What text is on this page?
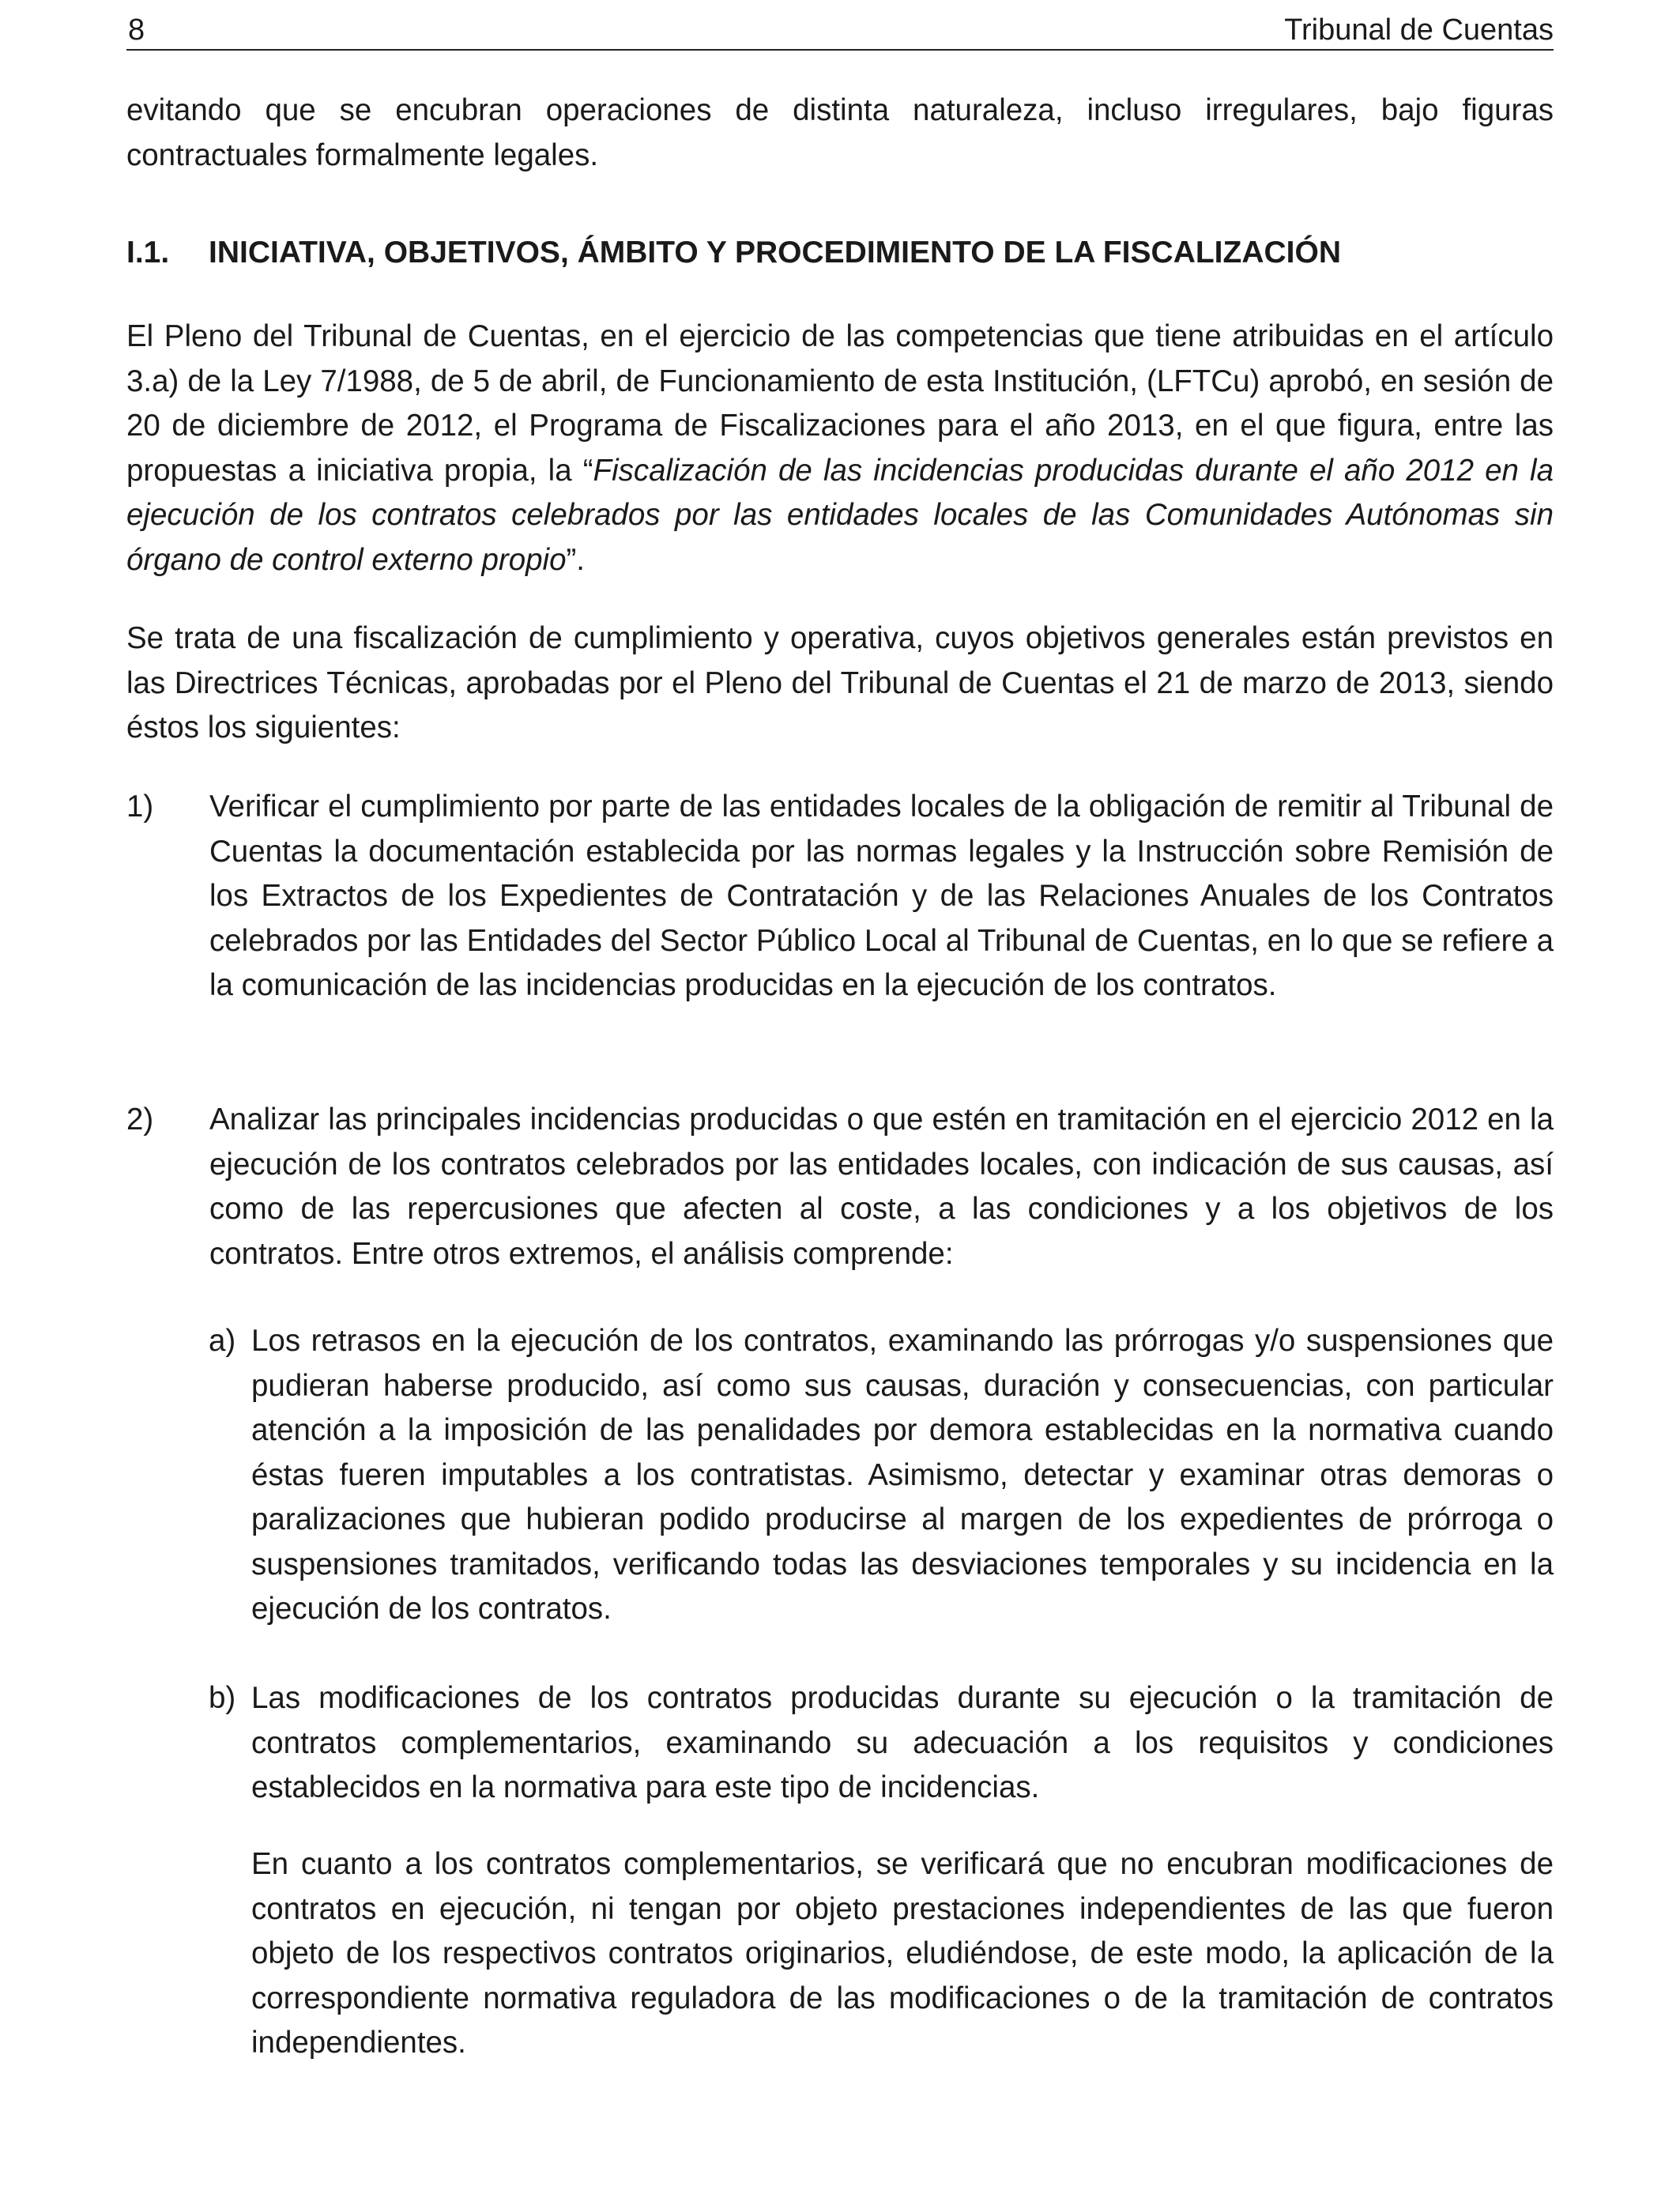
8	Tribunal de Cuentas

evitando que se encubran operaciones de distinta naturaleza, incluso irregulares, bajo figuras contractuales formalmente legales.

I.1. INICIATIVA, OBJETIVOS, ÁMBITO Y PROCEDIMIENTO DE LA FISCALIZACIÓN

El Pleno del Tribunal de Cuentas, en el ejercicio de las competencias que tiene atribuidas en el artículo 3.a) de la Ley 7/1988, de 5 de abril, de Funcionamiento de esta Institución, (LFTCu) aprobó, en sesión de 20 de diciembre de 2012, el Programa de Fiscalizaciones para el año 2013, en el que figura, entre las propuestas a iniciativa propia, la “Fiscalización de las incidencias producidas durante el año 2012 en la ejecución de los contratos celebrados por las entidades locales de las Comunidades Autónomas sin órgano de control externo propio”.

Se trata de una fiscalización de cumplimiento y operativa, cuyos objetivos generales están previstos en las Directrices Técnicas, aprobadas por el Pleno del Tribunal de Cuentas el 21 de marzo de 2013, siendo éstos los siguientes:

1) Verificar el cumplimiento por parte de las entidades locales de la obligación de remitir al Tribunal de Cuentas la documentación establecida por las normas legales y la Instrucción sobre Remisión de los Extractos de los Expedientes de Contratación y de las Relaciones Anuales de los Contratos celebrados por las Entidades del Sector Público Local al Tribunal de Cuentas, en lo que se refiere a la comunicación de las incidencias producidas en la ejecución de los contratos.
2) Analizar las principales incidencias producidas o que estén en tramitación en el ejercicio 2012 en la ejecución de los contratos celebrados por las entidades locales, con indicación de sus causas, así como de las repercusiones que afecten al coste, a las condiciones y a los objetivos de los contratos. Entre otros extremos, el análisis comprende:
a) Los retrasos en la ejecución de los contratos, examinando las prórrogas y/o suspensiones que pudieran haberse producido, así como sus causas, duración y consecuencias, con particular atención a la imposición de las penalidades por demora establecidas en la normativa cuando éstas fueren imputables a los contratistas. Asimismo, detectar y examinar otras demoras o paralizaciones que hubieran podido producirse al margen de los expedientes de prórroga o suspensiones tramitados, verificando todas las desviaciones temporales y su incidencia en la ejecución de los contratos.
b) Las modificaciones de los contratos producidas durante su ejecución o la tramitación de contratos complementarios, examinando su adecuación a los requisitos y condiciones establecidos en la normativa para este tipo de incidencias.
En cuanto a los contratos complementarios, se verificará que no encubran modificaciones de contratos en ejecución, ni tengan por objeto prestaciones independientes de las que fueron objeto de los respectivos contratos originarios, eludiéndose, de este modo, la aplicación de la correspondiente normativa reguladora de las modificaciones o de la tramitación de contratos independientes.
